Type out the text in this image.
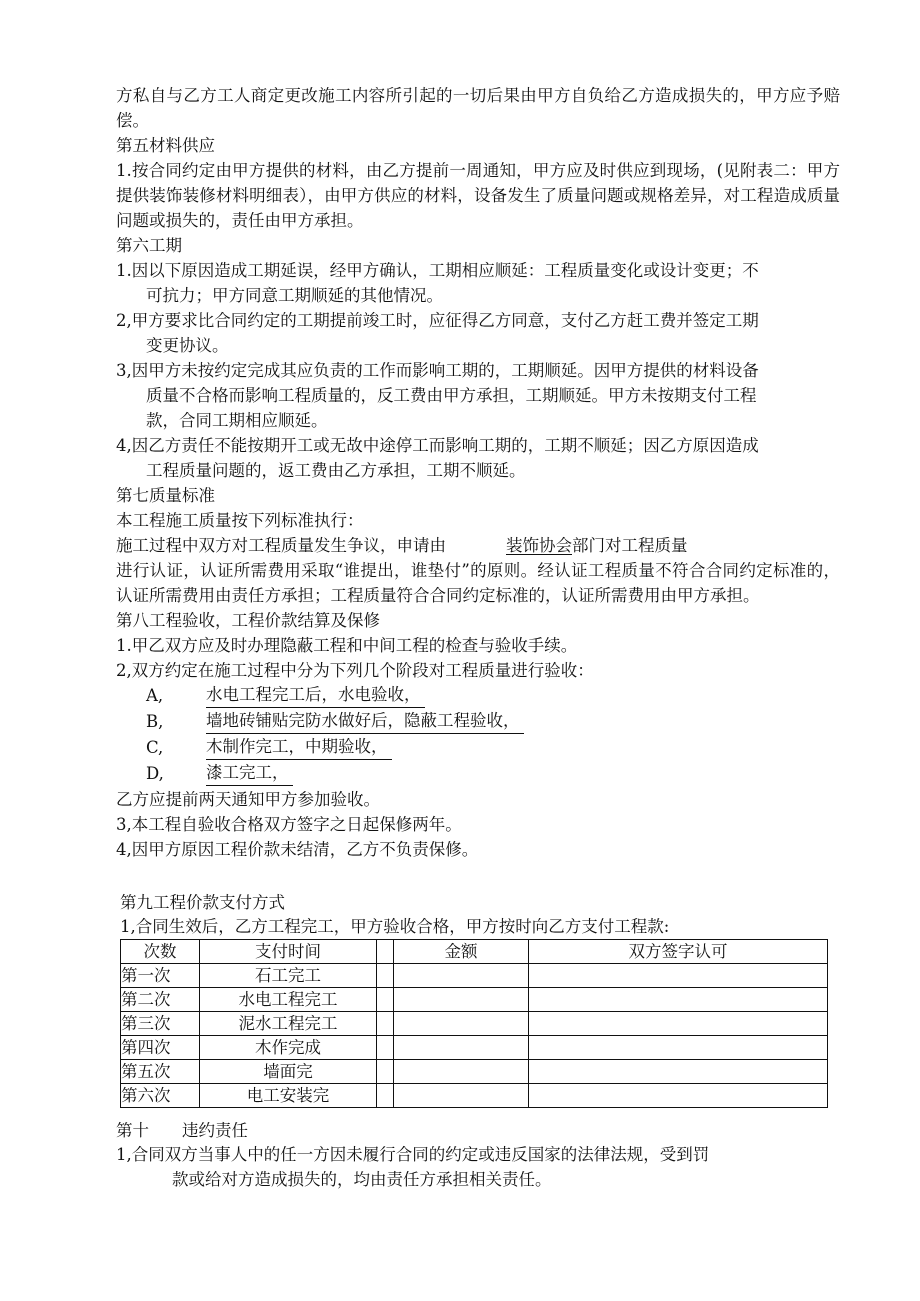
方私自与乙方工人商定更改施工内容所引起的一切后果由甲方自负给乙方造成损失的，甲方应予赔偿。

第五材料供应

1.按合同约定由甲方提供的材料，由乙方提前一周通知，甲方应及时供应到现场，(见附表二：甲方提供装饰装修材料明细表），由甲方供应的材料，设备发生了质量问题或规格差异，对工程造成质量问题或损失的，责任由甲方承担。

第六工期

1.因以下原因造成工期延误，经甲方确认，工期相应顺延：工程质量变化或设计变更；不
可抗力；甲方同意工期顺延的其他情况。
2,甲方要求比合同约定的工期提前竣工时，应征得乙方同意，支付乙方赶工费并签定工期
变更协议。
3,因甲方未按约定完成其应负责的工作而影响工期的，工期顺延。因甲方提供的材料设备
质量不合格而影响工程质量的，反工费由甲方承担，工期顺延。甲方未按期支付工程
款，合同工期相应顺延。
4,因乙方责任不能按期开工或无故中途停工而影响工期的，工期不顺延；因乙方原因造成
工程质量问题的，返工费由乙方承担，工期不顺延。

第七质量标准

本工程施工质量按下列标准执行：

施工过程中双方对工程质量发生争议，申请由	装饰协会部门对工程质量

进行认证，认证所需费用采取“谁提出，谁垫付”的原则。经认证工程质量不符合合同约定标准的，认证所需费用由责任方承担；工程质量符合合同约定标准的，认证所需费用由甲方承担。

第八工程验收，工程价款结算及保修

1.甲乙双方应及时办理隐蔽工程和中间工程的检查与验收手续。

2,双方约定在施工过程中分为下列几个阶段对工程质量进行验收：

A,	水电工程完工后，水电验收，
B,	墙地砖铺贴完防水做好后，隐蔽工程验收，
C,	木制作完工，中期验收，
D,	漆工完工，

乙方应提前两天通知甲方参加验收。

3,本工程自验收合格双方签字之日起保修两年。

4,因甲方原因工程价款未结清，乙方不负责保修。

第九工程价款支付方式

1,合同生效后，乙方工程完工，甲方验收合格，甲方按时向乙方支付工程款:

次数	支付时间		金额	双方签字认可
第一次	石工完工			
第二次	水电工程完工			
第三次	泥水工程完工			
第四次	木作完成			
第五次	墙面完			
第六次	电工安装完			

第十　　违约责任

1,合同双方当事人中的任一方因未履行合同的约定或违反国家的法律法规，受到罚

款或给对方造成损失的，均由责任方承担相关责任。
